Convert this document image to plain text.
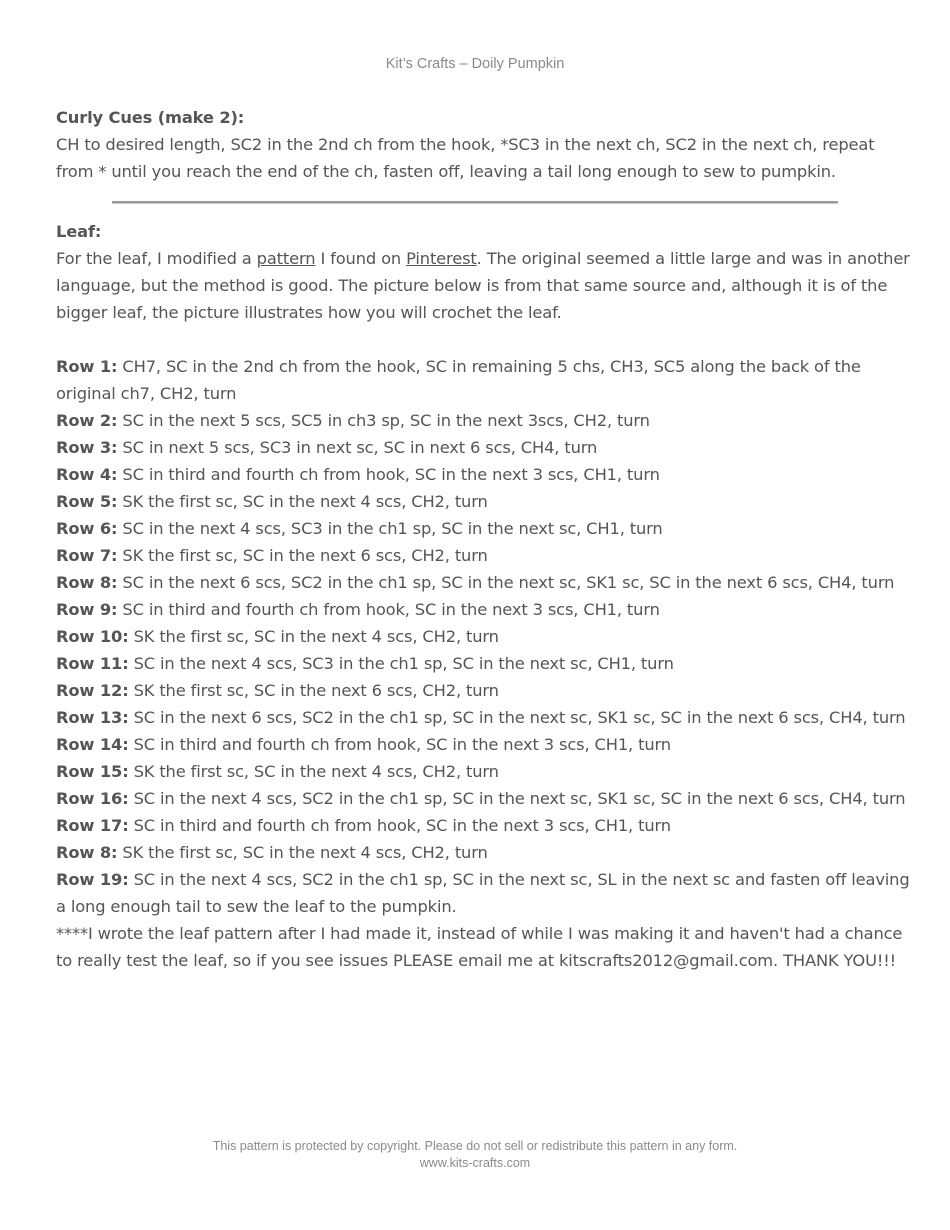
Kit’s Crafts – Doily Pumpkin

Curly Cues (make 2):

CH to desired length, SC2 in the 2nd ch from the hook, *SC3 in the next ch, SC2 in the next ch, repeat from * until you reach the end of the ch, fasten off, leaving a tail long enough to sew to pumpkin.

Leaf:

For the leaf, I modified a pattern I found on Pinterest. The original seemed a little large and was in another language, but the method is good. The picture below is from that same source and, although it is of the bigger leaf, the picture illustrates how you will crochet the leaf.

Row 1: CH7, SC in the 2nd ch from the hook, SC in remaining 5 chs, CH3, SC5 along the back of the original ch7, CH2, turn

Row 2: SC in the next 5 scs, SC5 in ch3 sp, SC in the next 3scs, CH2, turn

Row 3: SC in next 5 scs, SC3 in next sc, SC in next 6 scs, CH4, turn

Row 4: SC in third and fourth ch from hook, SC in the next 3 scs, CH1, turn

Row 5: SK the first sc, SC in the next 4 scs, CH2, turn

Row 6: SC in the next 4 scs, SC3 in the ch1 sp, SC in the next sc, CH1, turn

Row 7: SK the first sc, SC in the next 6 scs, CH2, turn

Row 8: SC in the next 6 scs, SC2 in the ch1 sp, SC in the next sc, SK1 sc, SC in the next 6 scs, CH4, turn

Row 9: SC in third and fourth ch from hook, SC in the next 3 scs, CH1, turn

Row 10: SK the first sc, SC in the next 4 scs, CH2, turn

Row 11: SC in the next 4 scs, SC3 in the ch1 sp, SC in the next sc, CH1, turn

Row 12: SK the first sc, SC in the next 6 scs, CH2, turn

Row 13: SC in the next 6 scs, SC2 in the ch1 sp, SC in the next sc, SK1 sc, SC in the next 6 scs, CH4, turn

Row 14: SC in third and fourth ch from hook, SC in the next 3 scs, CH1, turn

Row 15: SK the first sc, SC in the next 4 scs, CH2, turn

Row 16: SC in the next 4 scs, SC2 in the ch1 sp, SC in the next sc, SK1 sc, SC in the next 6 scs, CH4, turn

Row 17: SC in third and fourth ch from hook, SC in the next 3 scs, CH1, turn

Row 8: SK the first sc, SC in the next 4 scs, CH2, turn

Row 19: SC in the next 4 scs, SC2 in the ch1 sp, SC in the next sc, SL in the next sc and fasten off leaving a long enough tail to sew the leaf to the pumpkin.

****I wrote the leaf pattern after I had made it, instead of while I was making it and haven't had a chance to really test the leaf, so if you see issues PLEASE email me at kitscrafts2012@gmail.com. THANK YOU!!!

This pattern is protected by copyright. Please do not sell or redistribute this pattern in any form.
www.kits-crafts.com
